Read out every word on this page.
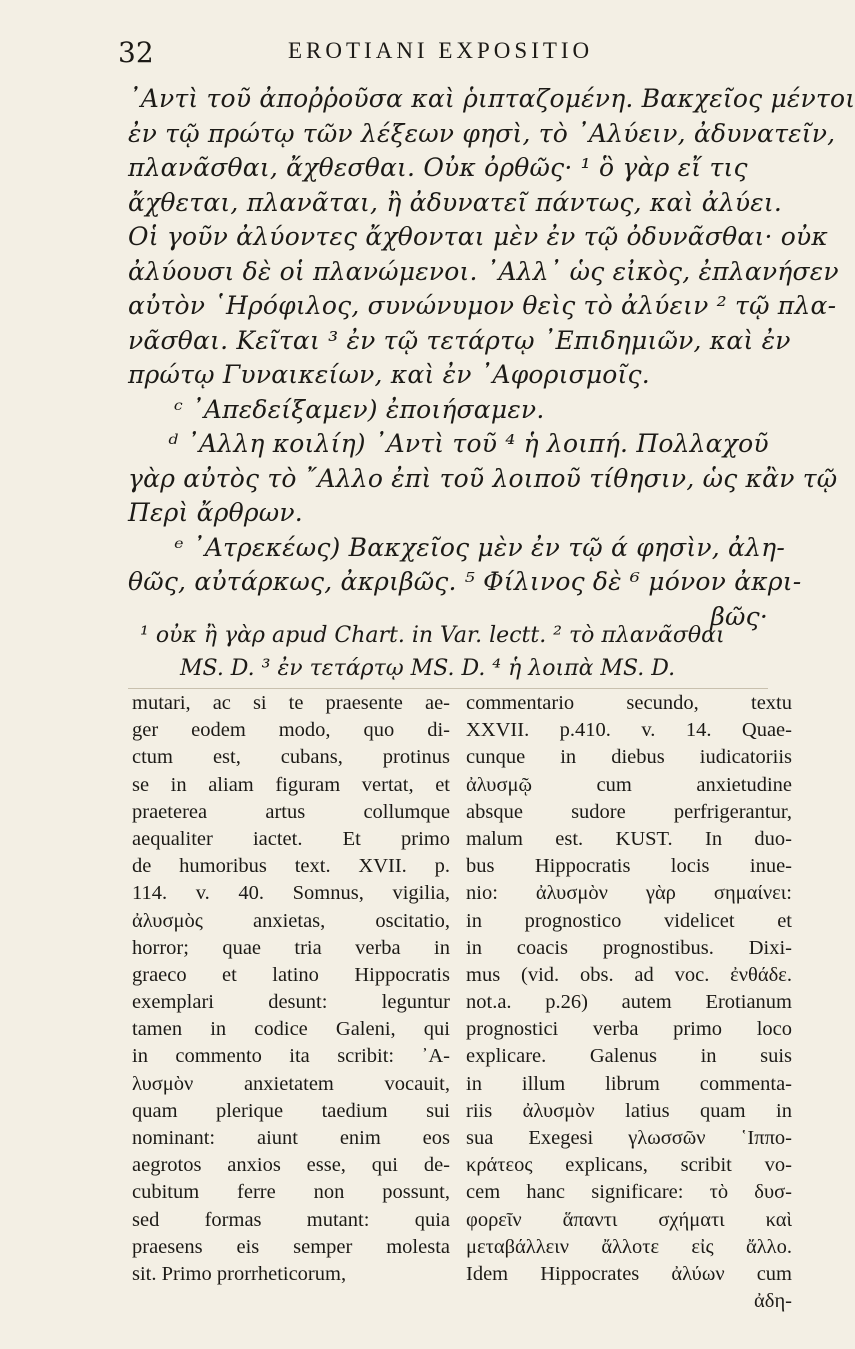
32	EROTIANI EXPOSITIO
᾿Αντὶ τοῦ ἀποῤῥοῦσα καὶ ῥιπταζομένη. Βακχεῖος μέντοι
ἐν τῷ πρώτῳ τῶν λέξεων φησὶ, τὸ ᾿Αλύειν, ἀδυνατεῖν,
πλανᾶσθαι, ἄχθεσθαι. Οὐκ ὀρθῶς· ¹ ὃ γὰρ εἴ τις
ἄχθεται, πλανᾶται, ἢ ἀδυνατεῖ πάντως, καὶ ἀλύει.
Οἱ γοῦν ἀλύοντες ἄχθονται μὲν ἐν τῷ ὀδυνᾶσθαι· οὐκ
ἀλύουσι δὲ οἱ πλανώμενοι. ᾿Αλλ᾿ ὡς εἰκὸς, ἐπλανήσεν
αὐτὸν ῾Ηρόφιλος, συνώνυμον θεὶς τὸ ἀλύειν ² τῷ πλα-
νᾶσθαι. Κεῖται ³ ἐν τῷ τετάρτῳ ᾿Επιδημιῶν, καὶ ἐν
πρώτῳ Γυναικείων, καὶ ἐν ᾿Αφορισμοῖς.
ᶜ ᾿Απεδείξαμεν) ἐποιήσαμεν.
ᵈ ᾿Αλλη κοιλίη) ᾿Αντὶ τοῦ ⁴ ἡ λοιπή. Πολλαχοῦ
γὰρ αὐτὸς τὸ ῎Αλλο ἐπὶ τοῦ λοιποῦ τίθησιν, ὡς κἂν τῷ
Περὶ ἄρθρων.
ᵉ ᾿Ατρεκέως) Βακχεῖος μὲν ἐν τῷ ά φησὶν, ἀλη-
θῶς, αὐτάρκως, ἀκριβῶς. ⁵ Φίλινος δὲ ⁶ μόνον ἀκρι-
βῶς·
¹ οὐκ ἢ γὰρ apud Chart. in Var. lectt. ² τὸ πλανᾶσθαι
MS. D. ³ ἐν τετάρτῳ MS. D. ⁴ ἡ λοιπὰ MS. D.
mutari, ac si te praesente ae-
ger eodem modo, quo di-
ctum est, cubans, protinus
se in aliam figuram vertat, et
praeterea artus collumque
aequaliter iactet. Et primo
de humoribus text. XVII. p.
114. v. 40. Somnus, vigilia,
ἀλυσμὸς anxietas, oscitatio,
horror; quae tria verba in
graeco et latino Hippocratis
exemplari desunt: leguntur
tamen in codice Galeni, qui
in commento ita scribit: ᾿Α-
λυσμὸν anxietatem vocauit,
quam plerique taedium sui
nominant: aiunt enim eos
aegrotos anxios esse, qui de-
cubitum ferre non possunt,
sed formas mutant: quia
praesens eis semper molesta
sit. Primo prorrheticorum,
commentario secundo, textu
XXVII. p.410. v. 14. Quae-
cunque in diebus iudicatoriis
ἀλυσμῷ cum anxietudine
absque sudore perfrigerantur,
malum est. KUST. In duo-
bus Hippocratis locis inue-
nio: ἀλυσμὸν γὰρ σημαίνει:
in prognostico videlicet et
in coacis prognostibus. Dixi-
mus (vid. obs. ad voc. ἐνθάδε.
not.a. p.26) autem Erotianum
prognostici verba primo loco
explicare. Galenus in suis
in illum librum commenta-
riis ἀλυσμὸν latius quam in
sua Exegesi γλωσσῶν ῾Ιππο-
κράτεος explicans, scribit vo-
cem hanc significare: τὸ δυσ-
φορεῖν ἅπαντι σχήματι καὶ
μεταβάλλειν ἄλλοτε εἰς ἄλλο.
Idem Hippocrates ἀλύων cum
ἀδη-
